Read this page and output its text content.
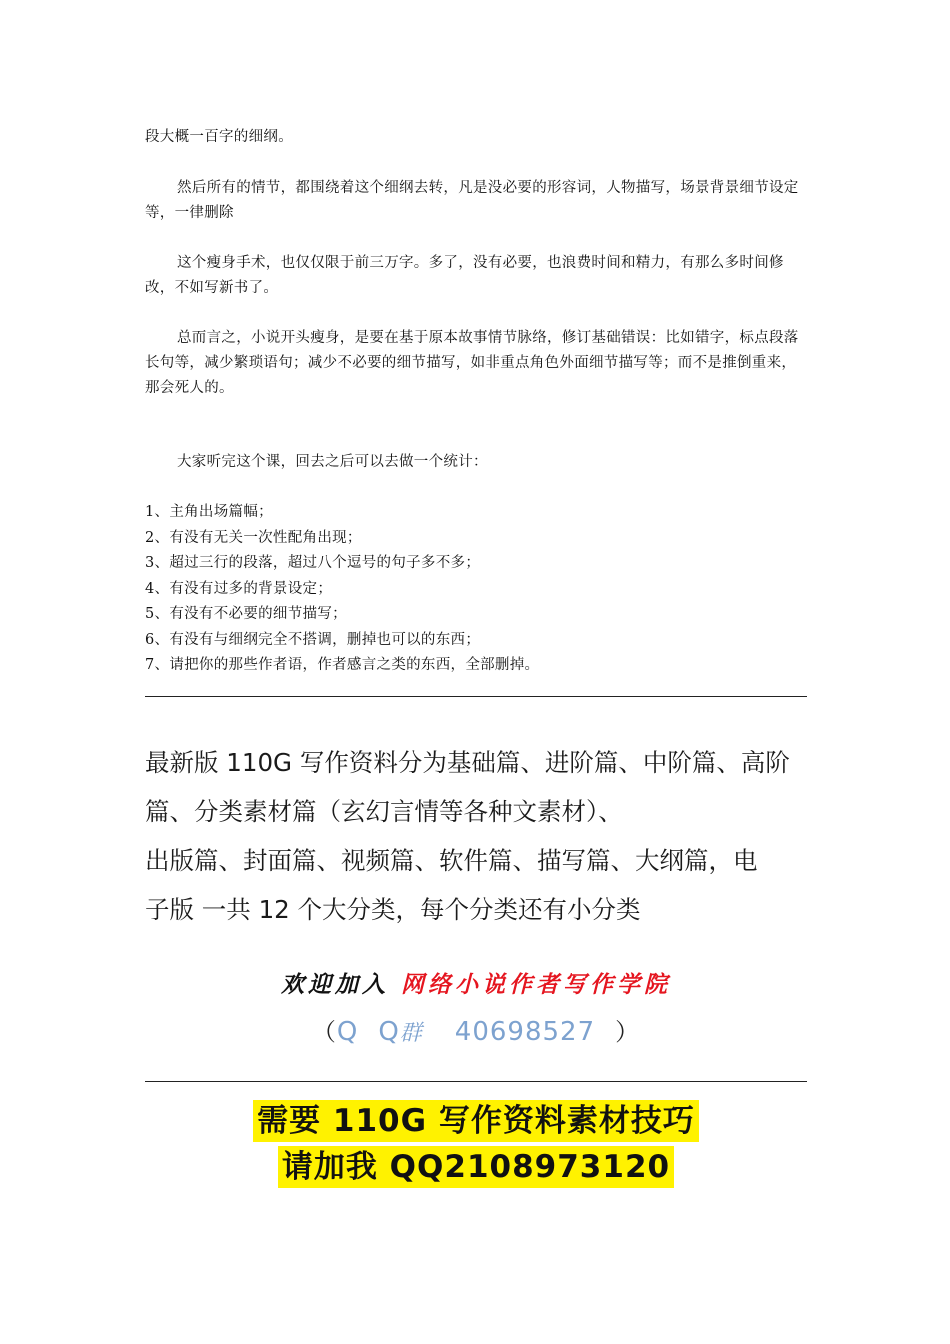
段大概一百字的细纲。

然后所有的情节，都围绕着这个细纲去转，凡是没必要的形容词，人物描写，场景背景细节设定等，一律删除

这个瘦身手术，也仅仅限于前三万字。多了，没有必要，也浪费时间和精力，有那么多时间修改，不如写新书了。

总而言之，小说开头瘦身，是要在基于原本故事情节脉络，修订基础错误：比如错字，标点段落长句等，减少繁琐语句；减少不必要的细节描写，如非重点角色外面细节描写等；而不是推倒重来，那会死人的。

大家听完这个课，回去之后可以去做一个统计：

1、主角出场篇幅；
2、有没有无关一次性配角出现；
3、超过三行的段落，超过八个逗号的句子多不多；
4、有没有过多的背景设定；
5、有没有不必要的细节描写；
6、有没有与细纲完全不搭调，删掉也可以的东西；
7、请把你的那些作者语，作者感言之类的东西，全部删掉。
最新版 110G 写作资料分为基础篇、进阶篇、中阶篇、高阶
篇、分类素材篇（玄幻言情等各种文素材）、
出版篇、封面篇、视频篇、软件篇、描写篇、大纲篇，电
子版 一共 12 个大分类，每个分类还有小分类
欢迎加入 网络小说作者写作学院
（Q Q群 40698527 ）
需要 110G 写作资料素材技巧
请加我 QQ2108973120
